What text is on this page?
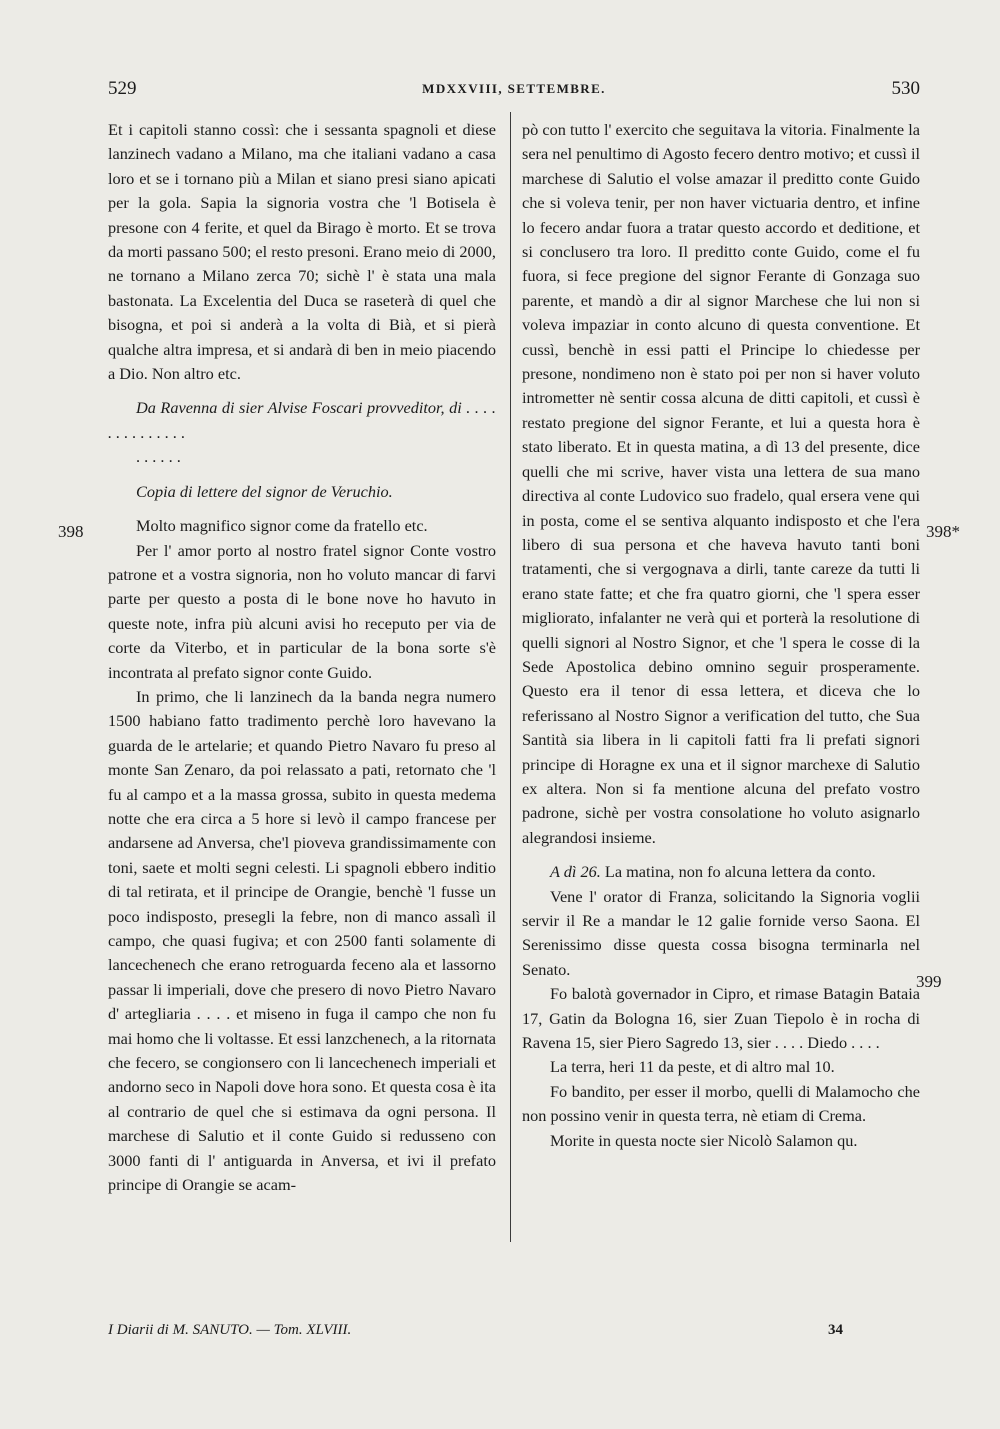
529	MDXXVIII, SETTEMBRE.	530
398	398*
399

Et i capitoli stanno cossì: che i sessanta spagnoli et diese lanzinech vadano a Milano, ma che italiani vadano a casa loro et se i tornano più a Milan et siano presi siano apicati per la gola. Sapia la signoria vostra che 'l Botisela è presone con 4 ferite, et quel da Birago è morto. Et se trova da morti passano 500; el resto presoni. Erano meio di 2000, ne tornano a Milano zerca 70; sichè l' è stata una mala bastonata. La Excelentia del Duca se raseterà di quel che bisogna, et poi si anderà a la volta di Bià, et si pierà qualche altra impresa, et si andarà di ben in meio piacendo a Dio. Non altro etc.

Da Ravenna di sier Alvise Foscari provveditor, di . . . . . . . . . . . . . .

. . . . . .

Copia di lettere del signor de Veruchio.

Molto magnifico signor come da fratello etc.

Per l' amor porto al nostro fratel signor Conte vostro patrone et a vostra signoria, non ho voluto mancar di farvi parte per questo a posta di le bone nove ho havuto in queste note, infra più alcuni avisi ho receputo per via de corte da Viterbo, et in particular de la bona sorte s'è incontrata al prefato signor conte Guido.

In primo, che li lanzinech da la banda negra numero 1500 habiano fatto tradimento perchè loro havevano la guarda de le artelarie; et quando Pietro Navaro fu preso al monte San Zenaro, da poi relassato a pati, retornato che 'l fu al campo et a la massa grossa, subito in questa medema notte che era circa a 5 hore si levò il campo francese per andarsene ad Anversa, che'l pioveva grandissimamente con toni, saete et molti segni celesti. Li spagnoli ebbero inditio di tal retirata, et il principe de Orangie, benchè 'l fusse un poco indisposto, presegli la febre, non di manco assalì il campo, che quasi fugiva; et con 2500 fanti solamente di lancechenech che erano retroguarda feceno ala et lassorno passar li imperiali, dove che presero di novo Pietro Navaro d' artegliaria . . . . et miseno in fuga il campo che non fu mai homo che li voltasse. Et essi lanzchenech, a la ritornata che fecero, se congionsero con li lancechenech imperiali et andorno seco in Napoli dove hora sono. Et questa cosa è ita al contrario de quel che si estimava da ogni persona. Il marchese di Salutio et il conte Guido si redusseno con 3000 fanti di l' antiguarda in Anversa, et ivi il prefato principe di Orangie se acam-

pò con tutto l' exercito che seguitava la vitoria. Finalmente la sera nel penultimo di Agosto fecero dentro motivo; et cussì il marchese di Salutio el volse amazar il preditto conte Guido che si voleva tenir, per non haver victuaria dentro, et infine lo fecero andar fuora a tratar questo accordo et deditione, et si conclusero tra loro. Il preditto conte Guido, come el fu fuora, si fece pregione del signor Ferante di Gonzaga suo parente, et mandò a dir al signor Marchese che lui non si voleva impaziar in conto alcuno di questa conventione. Et cussì, benchè in essi patti el Principe lo chiedesse per presone, nondimeno non è stato poi per non si haver voluto intrometter nè sentir cossa alcuna de ditti capitoli, et cussì è restato pregione del signor Ferante, et lui a questa hora è stato liberato. Et in questa matina, a dì 13 del presente, dice quelli che mi scrive, haver vista una lettera de sua mano directiva al conte Ludovico suo fradelo, qual ersera vene qui in posta, come el se sentiva alquanto indisposto et che l'era libero di sua persona et che haveva havuto tanti boni tratamenti, che si vergognava a dirli, tante careze da tutti li erano state fatte; et che fra quatro giorni, che 'l spera esser migliorato, infalanter ne verà qui et porterà la resolutione di quelli signori al Nostro Signor, et che 'l spera le cosse di la Sede Apostolica debino omnino seguir prosperamente. Questo era il tenor di essa lettera, et diceva che lo referissano al Nostro Signor a verification del tutto, che Sua Santità sia libera in li capitoli fatti fra li prefati signori principe di Horagne ex una et il signor marchexe di Salutio ex altera. Non si fa mentione alcuna del prefato vostro padrone, sichè per vostra consolatione ho voluto asignarlo alegrandosi insieme.

A dì 26. La matina, non fo alcuna lettera da conto.

Vene l' orator di Franza, solicitando la Signoria voglii servir il Re a mandar le 12 galie fornide verso Saona. El Serenissimo disse questa cossa bisogna terminarla nel Senato.

Fo balotà governador in Cipro, et rimase Batagin Bataia 17, Gatin da Bologna 16, sier Zuan Tiepolo è in rocha di Ravena 15, sier Piero Sagredo 13, sier . . . . Diedo . . . .

La terra, heri 11 da peste, et di altro mal 10.

Fo bandito, per esser il morbo, quelli di Malamocho che non possino venir in questa terra, nè etiam di Crema.

Morite in questa nocte sier Nicolò Salamon qu.

I Diarii di M. SANUTO. — Tom. XLVIII.	34
